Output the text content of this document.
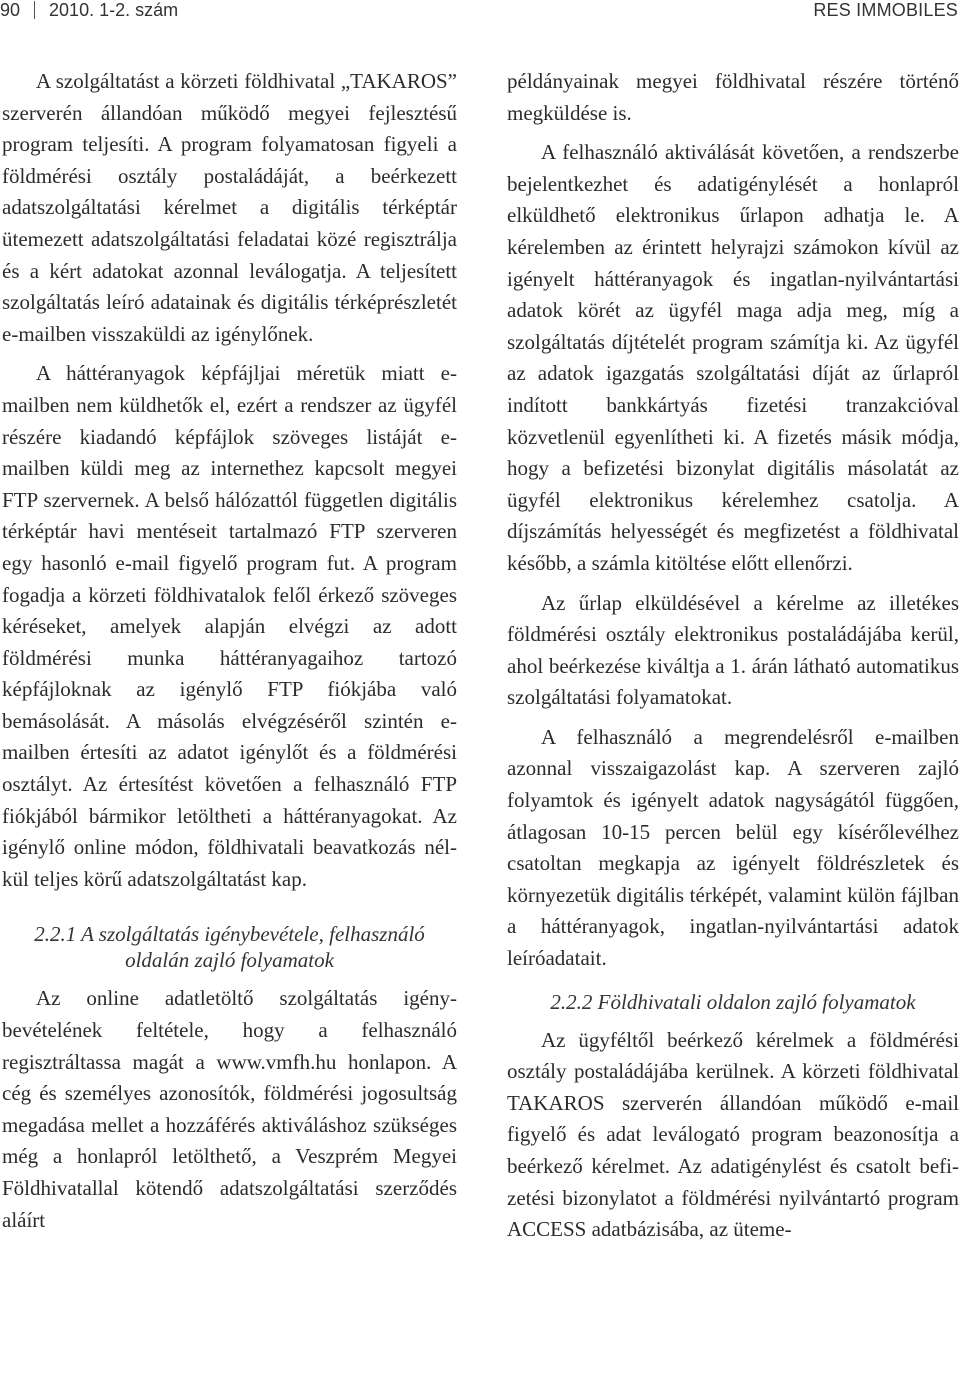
90 2010. 1-2. szám	RES IMMOBILES

A szolgáltatást a körzeti földhivatal „TAKAROS” szerverén állandóan működő megyei fejlesztésű program teljesíti. A program folyamatosan figyeli a földmérési osztály postaládáját, a beérkezett adatszolgáltatási kérelmet a digitális térképtár ütemezett adatszolgáltatási feladatai közé regisztrálja és a kért adatokat azonnal leválogatja. A teljesített szolgáltatás leíró adatainak és digitális térképrészletét e-mailben visszaküldi az igénylőnek.

A háttéranyagok képfájljai méretük miatt e-mailben nem küldhetők el, ezért a rendszer az ügyfél részére kiadandó képfájlok szöveges listáját e-mailben küldi meg az internethez kapcsolt megyei FTP szervernek. A belső hálózattól független digitális térképtár havi mentéseit tartalmazó FTP szerveren egy hasonló e-mail figyelő program fut. A program fogadja a körzeti földhivatalok felől érkező szöveges kéréseket, amelyek alapján elvégzi az adott földmérési munka háttéranyagaihoz tartozó képfájloknak az igénylő FTP fiókjába való bemásolását. A másolás elvégzéséről szintén e-mailben értesíti az adatot igénylőt és a földmérési osztályt. Az értesítést követően a felhasználó FTP fiókjából bármikor letöltheti a háttéranyagokat. Az igénylő online módon, földhivatali beavatkozás nélkül teljes körű adatszolgáltatást kap.

2.2.1 A szolgáltatás igénybevétele, felhasználó oldalán zajló folyamatok

Az online adatletöltő szolgáltatás igénybevételének feltétele, hogy a felhasználó regisztráltassa magát a www.vmfh.hu honlapon. A cég és személyes azonosítók, földmérési jogosultság megadása mellet a hozzáférés aktiváláshoz szükséges még a honlapról letölthető, a Veszprém Megyei Földhivatallal kötendő adatszolgáltatási szerződés aláírt

példányainak megyei földhivatal részére történő megküldése is.

A felhasználó aktiválását követően, a rendszerbe bejelentkezhet és adatigénylését a honlapról elküldhető elektronikus űrlapon adhatja le. A kérelemben az érintett helyrajzi számokon kívül az igényelt háttéranyagok és ingatlan-nyilvántartási adatok körét az ügyfél maga adja meg, míg a szolgáltatás díjtételét program számítja ki. Az ügyfél az adatok igazgatás szolgáltatási díját az űrlapról indított bankkártyás fizetési tranzakcióval közvetlenül egyenlítheti ki. A fizetés másik módja, hogy a befizetési bizonylat digitális másolatát az ügyfél elektronikus kérelemhez csatolja. A díjszámítás helyességét és megfizetést a földhivatal később, a számla kitöltése előtt ellenőrzi.

Az űrlap elküldésével a kérelme az illetékes földmérési osztály elektronikus postaládájába kerül, ahol beérkezése kiváltja a 1. árán látható automatikus szolgáltatási folyamatokat.

A felhasználó a megrendelésről e-mailben azonnal visszaigazolást kap. A szerveren zajló folyamtok és igényelt adatok nagyságától függően, átlagosan 10-15 percen belül egy kísérőlevélhez csatoltan megkapja az igényelt földrészletek és környezetük digitális térképét, valamint külön fájlban a háttéranyagok, ingatlan-nyilvántartási adatok leíróadatait.

2.2.2 Földhivatali oldalon zajló folyamatok

Az ügyféltől beérkező kérelmek a földmérési osztály postaládájába kerülnek. A körzeti földhivatal TAKAROS szerverén állandóan működő e-mail figyelő és adat leválogató program beazonosítja a beérkező kérelmet. Az adatigénylést és csatolt befizetési bizonylatot a földmérési nyilvántartó program ACCESS adatbázisába, az üteme-
